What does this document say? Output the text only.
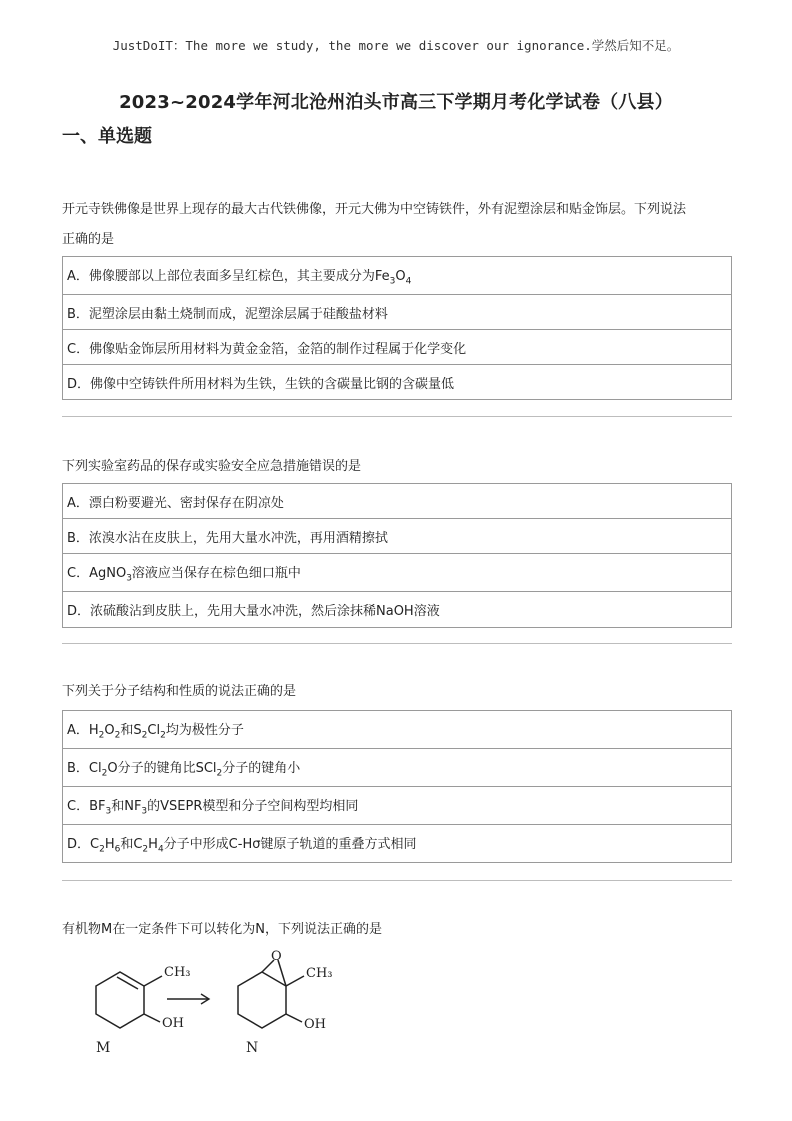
JustDoIT：The more we study, the more we discover our ignorance.学然后知不足。
2023~2024学年河北沧州泊头市高三下学期月考化学试卷（八县）
一、单选题
开元寺铁佛像是世界上现存的最大古代铁佛像，开元大佛为中空铸铁件，外有泥塑涂层和贴金饰层。下列说法
正确的是
A．佛像腰部以上部位表面多呈红棕色，其主要成分为$Fe_3O_4$
B．泥塑涂层由黏土烧制而成，泥塑涂层属于硅酸盐材料
C．佛像贴金饰层所用材料为黄金金箔，金箔的制作过程属于化学变化
D．佛像中空铸铁件所用材料为生铁，生铁的含碳量比钢的含碳量低
下列实验室药品的保存或实验安全应急措施错误的是
A．漂白粉要避光、密封保存在阴凉处
B．浓溴水沾在皮肤上，先用大量水冲洗，再用酒精擦拭
C．AgNO$_3$溶液应当保存在棕色细口瓶中
D．浓硫酸沾到皮肤上，先用大量水冲洗，然后涂抹稀NaOH溶液
下列关于分子结构和性质的说法正确的是
A．$H_2O_2$和$S_2Cl_2$均为极性分子
B．$Cl_2O$分子的键角比SCl$_2$分子的键角小
C．$BF_3$和$NF_3$的VSEPR模型和分子空间构型均相同
D．$C_2H_6$和$C_2H_4$分子中形成C-Hσ键原子轨道的重叠方式相同
有机物M在一定条件下可以转化为N，下列说法正确的是
CH₃
OH
M
O
CH₃
OH
N
